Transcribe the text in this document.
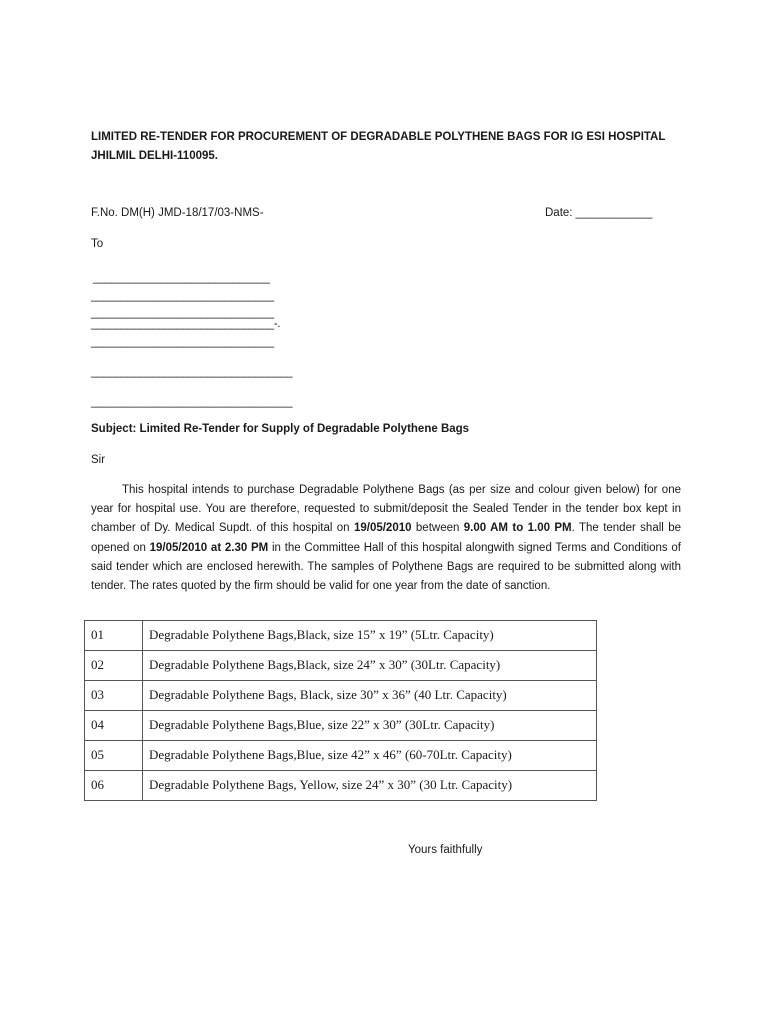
LIMITED RE-TENDER FOR PROCUREMENT OF DEGRADABLE POLYTHENE BAGS FOR IG ESI HOSPITAL JHILMIL DELHI-110095.
F.No. DM(H) JMD-18/17/03-NMS-	Date: ____________
To
_____________________________
______________________________
______________________________
______________________________-.
______________________________
_________________________________
_________________________________
Subject: Limited Re-Tender for Supply of Degradable Polythene Bags
Sir

This hospital intends to purchase Degradable Polythene Bags (as per size and colour given below) for one year for hospital use. You are therefore, requested to submit/deposit the Sealed Tender in the tender box kept in chamber of Dy. Medical Supdt. of this hospital on 19/05/2010 between 9.00 AM to 1.00 PM. The tender shall be opened on 19/05/2010 at 2.30 PM in the Committee Hall of this hospital alongwith signed Terms and Conditions of said tender which are enclosed herewith. The samples of Polythene Bags are required to be submitted along with tender. The rates quoted by the firm should be valid for one year from the date of sanction.

01	Degradable Polythene Bags,Black, size 15” x 19” (5Ltr. Capacity)
02	Degradable Polythene Bags,Black, size 24” x 30” (30Ltr. Capacity)
03	Degradable Polythene Bags, Black, size 30” x 36” (40 Ltr. Capacity)
04	Degradable Polythene Bags,Blue, size 22” x 30” (30Ltr. Capacity)
05	Degradable Polythene Bags,Blue, size 42” x 46” (60-70Ltr. Capacity)
06	Degradable Polythene Bags, Yellow, size 24” x 30” (30 Ltr. Capacity)
Yours faithfully
